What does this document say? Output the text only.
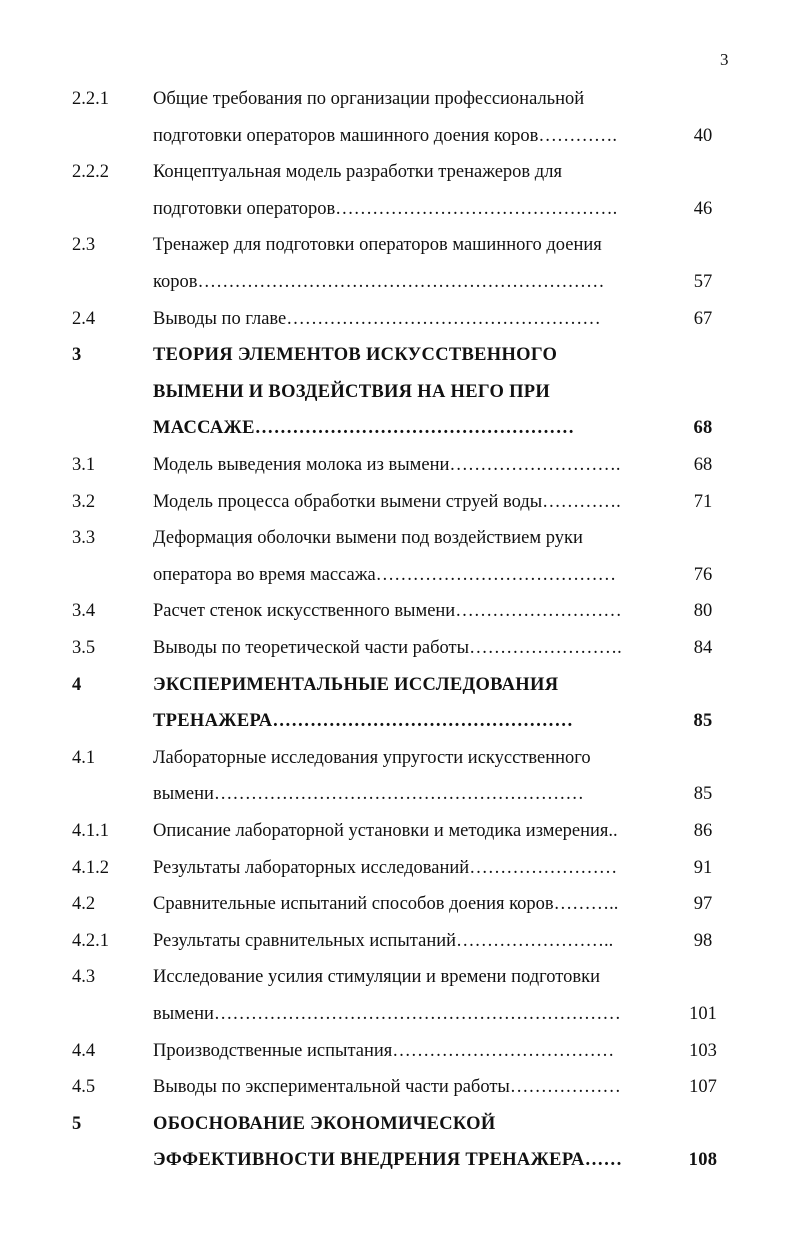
3
2.2.1 Общие требования по организации профессиональной
подготовки операторов машинного доения коров………….	40
2.2.2 Концептуальная модель разработки тренажеров для
подготовки операторов……………………………………….	46
2.3	Тренажер для подготовки операторов машинного доения
коров…………………………………………………………	57
2.4	Выводы по главе……………………………………………	67
3	ТЕОРИЯ ЭЛЕМЕНТОВ ИСКУССТВЕННОГО
ВЫМЕНИ И ВОЗДЕЙСТВИЯ НА НЕГО ПРИ
МАССАЖЕ……………………………………………	68
3.1	Модель выведения молока из вымени……………………….	68
3.2	Модель процесса обработки вымени струей воды………….	71
3.3	Деформация оболочки вымени под воздействием руки
оператора во время массажа…………………………………	76
3.4	Расчет стенок искусственного вымени………………………	80
3.5	Выводы по теоретической части работы…………………….	84
4	ЭКСПЕРИМЕНТАЛЬНЫЕ ИССЛЕДОВАНИЯ
ТРЕНАЖЕРА…………………………………………	85
4.1	Лабораторные исследования упругости искусственного
вымени……………………………………………………	85
4.1.1 Описание лабораторной установки и методика измерения..	86
4.1.2 Результаты лабораторных исследований……………………	91
4.2	Сравнительные испытаний способов доения коров………..	97
4.2.1 Результаты сравнительных испытаний……………………..	98
4.3	Исследование усилия стимуляции и времени подготовки
вымени…………………………………………………………	101
4.4	Производственные испытания………………………………	103
4.5	Выводы по экспериментальной части работы………………	107
5	ОБОСНОВАНИЕ ЭКОНОМИЧЕСКОЙ
ЭФФЕКТИВНОСТИ ВНЕДРЕНИЯ ТРЕНАЖЕРА……	108
